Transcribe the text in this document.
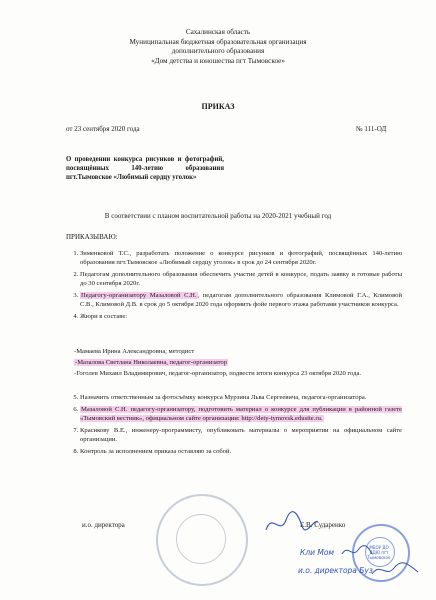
Сахалинская область
Муниципальная бюджетная образовательная организация
дополнительного образования
«Дом детства и юношества пгт Тымовское»
ПРИКАЗ
от 23 сентября 2020 года	№ 111-ОД
О проведении конкурса рисунков и фотографий, посвящённых 140-летию образования пгт.Тымовское «Любимый сердцу уголок»
В соответствии с планом воспитательной работы на 2020-2021 учебный год
ПРИКАЗЫВАЮ:
1. Зименковой Т.С., разработать положение о конкурсе рисунков и фотографий, посвящённых 140-летию образования пгт.Тымовское «Любимый сердцу уголок» в срок до 24 сентября 2020г.
2. Педагогам дополнительного образования обеспечить участие детей в конкурсе, подать заявку и готовые работы до 30 сентября 2020г.
3. Педагогу-организатору Мазаловой С.Н., педагогам дополнительного образования Климовой Г.А., Климовой С.В., Климовой Д.В. в срок до 5 октября 2020 года оформить фойе первого этажа работами участников конкурса.
4. Жюри в составе:
-Мамаева Ирина Александровна, методист
-Мазалова Светлана Николаевна, педагог-организатор
-Гоголев Михаил Владимирович, педагог-организатор, подвести итоги конкурса 23 октября 2020 года.
5. Назначить ответственным за фотосъёмку конкурса Мурзина Льва Сергеевича, педагога-организатора.
6. Мазаловой С.Н. педагогу-организатору, подготовить материал о конкурсе для публикации в районной газете «Тымовский вестник», официальном сайте организации: http://dety-tymovsk.edusite.ru.
7. Красикову В.Е., инженеру-программисту, опубликовать материалы о мероприятии на официальном сайте организации.
8. Контроль за исполнением приказа оставляю за собой.
и.о. директора	Е.В. Сударенко
МБОУ ДО ДДЮ пгт Тымовское
Кли Мом
и.о. директора Буз
